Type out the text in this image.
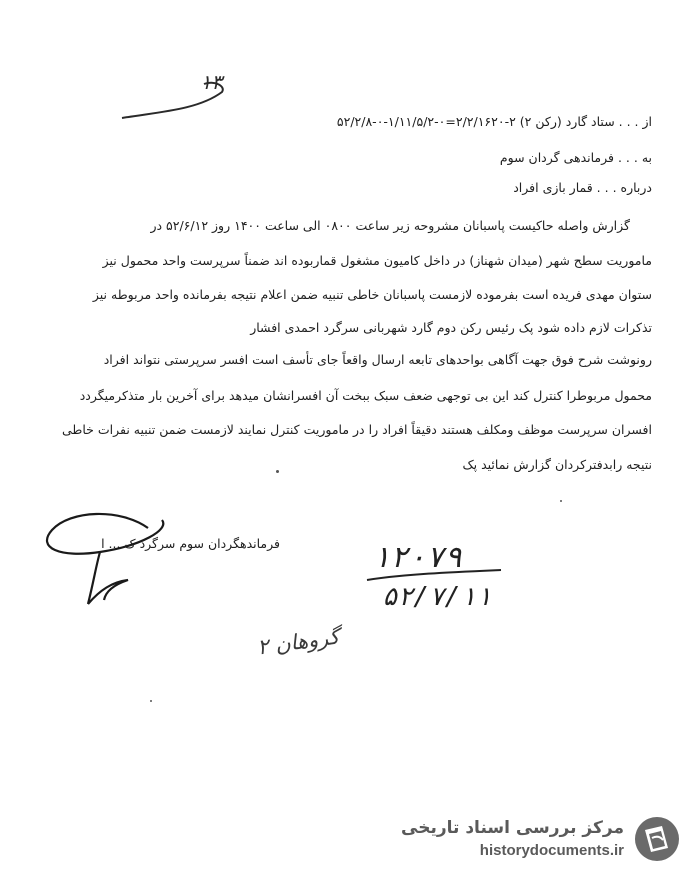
۱۳
از . . . ستاد گارد (رکن ۲) ۲-۲/۲/۱۶۲۰=۰-۱/۱۱/۵/۲-۰-۵۲/۲/۸
به . . . فرماندهی گردان سوم
درباره . . . قمار بازی افراد
گزارش واصله حاکیست پاسبانان مشروحه زیر ساعت ۰۸۰۰ الی ساعت ۱۴۰۰ روز ۵۲/۶/۱۲ در
ماموریت سطح شهر (میدان شهناز) در داخل کامیون مشغول قماربوده اند ضمناً سرپرست واحد محمول نیز
ستوان مهدی فریده است بفرموده لازمست پاسبانان خاطی تنبیه ضمن اعلام نتیجه بفرمانده واحد مربوطه نیز
تذکرات لازم داده شود پک رئیس رکن دوم گارد شهربانی سرگرد احمدی افشار
رونوشت شرح فوق جهت آگاهی بواحدهای تابعه ارسال واقعاً جای تأسف است افسر سرپرستی نتواند افراد
محمول مربوطرا کنترل کند این بی توجهی ضعف سبک ببخت آن افسرانشان میدهد برای آخرین بار متذکرمیگردد
افسران سرپرست موظف ومکلف هستند دقیقاً افراد را در ماموریت کنترل نمایند لازمست ضمن تنبیه نفرات خاطی
نتیجه رابدفترکردان گزارش نمائید پک
فرماندهگردان سوم سرگرد ک ... ا	۱۲۰۷۹
۵۲/۷/۱۱
گروهان ۲
مرکز بررسی اسناد تاریخی
historydocuments.ir
